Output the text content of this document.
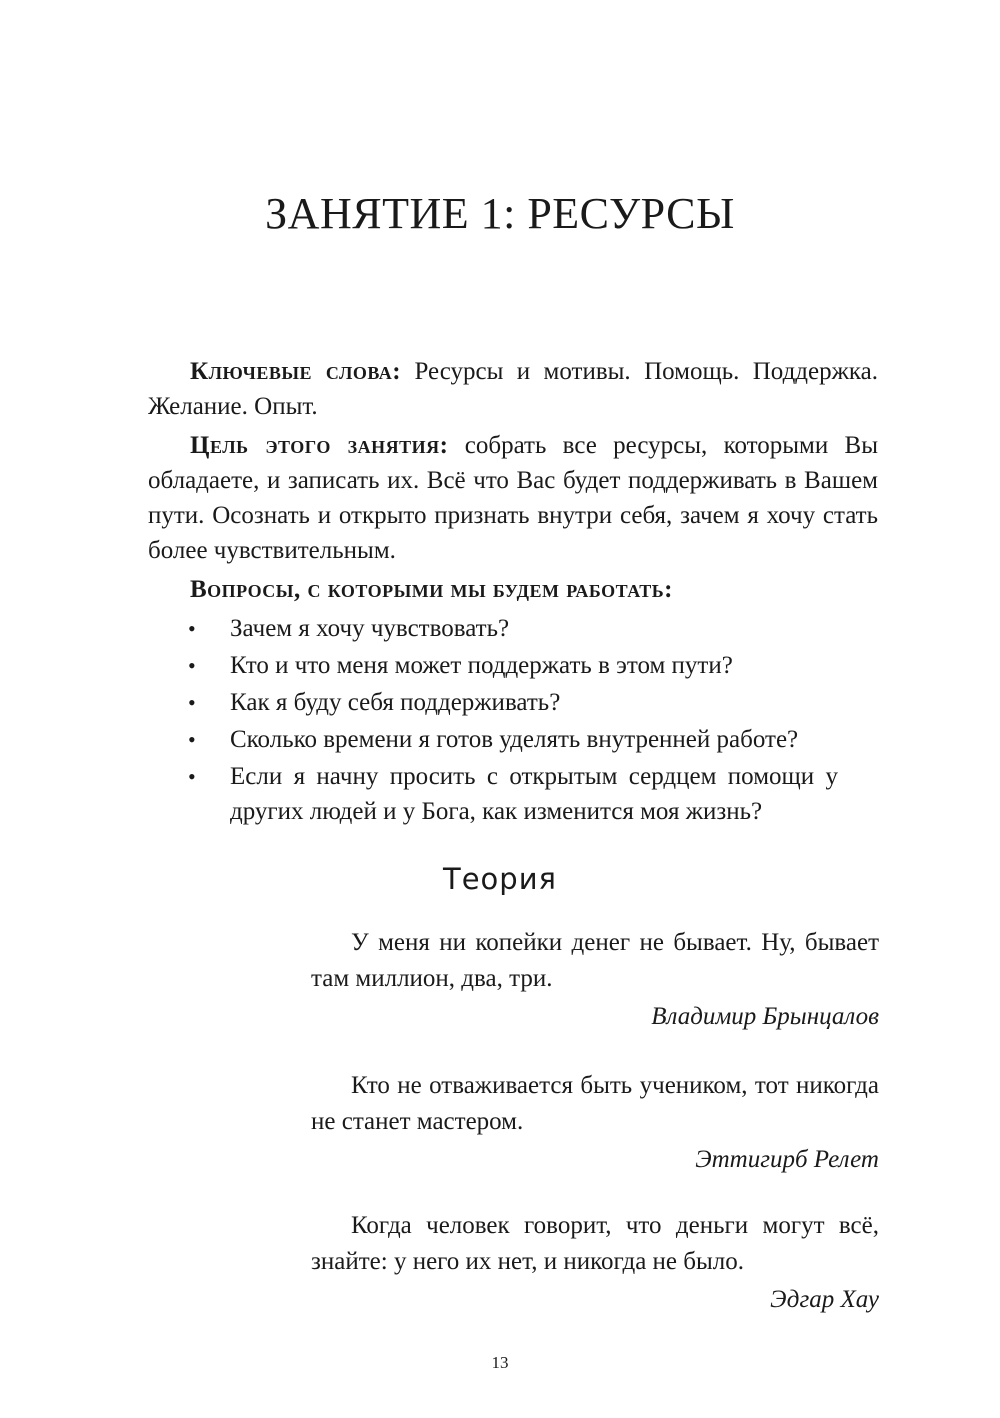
ЗАНЯТИЕ 1: РЕСУРСЫ

Ключевые слова: Ресурсы и мотивы. Помощь. Поддержка. Желание. Опыт.

Цель этого занятия: собрать все ресурсы, которыми Вы обладаете, и записать их. Всё что Вас будет поддерживать в Вашем пути. Осознать и открыто признать внутри себя, зачем я хочу стать более чувствительным.

Вопросы, с которыми мы будем работать:

• Зачем я хочу чувствовать?
• Кто и что меня может поддержать в этом пути?
• Как я буду себя поддерживать?
• Сколько времени я готов уделять внутренней работе?
• Если я начну просить с открытым сердцем помощи у других людей и у Бога, как изменится моя жизнь?
Теория

У меня ни копейки денег не бывает. Ну, бывает там миллион, два, три.

Владимир Брынцалов

Кто не отваживается быть учеником, тот никогда не станет мастером.

Эттигирб Релет

Когда человек говорит, что деньги могут всё, знайте: у него их нет, и никогда не было.

Эдгар Хау

13
